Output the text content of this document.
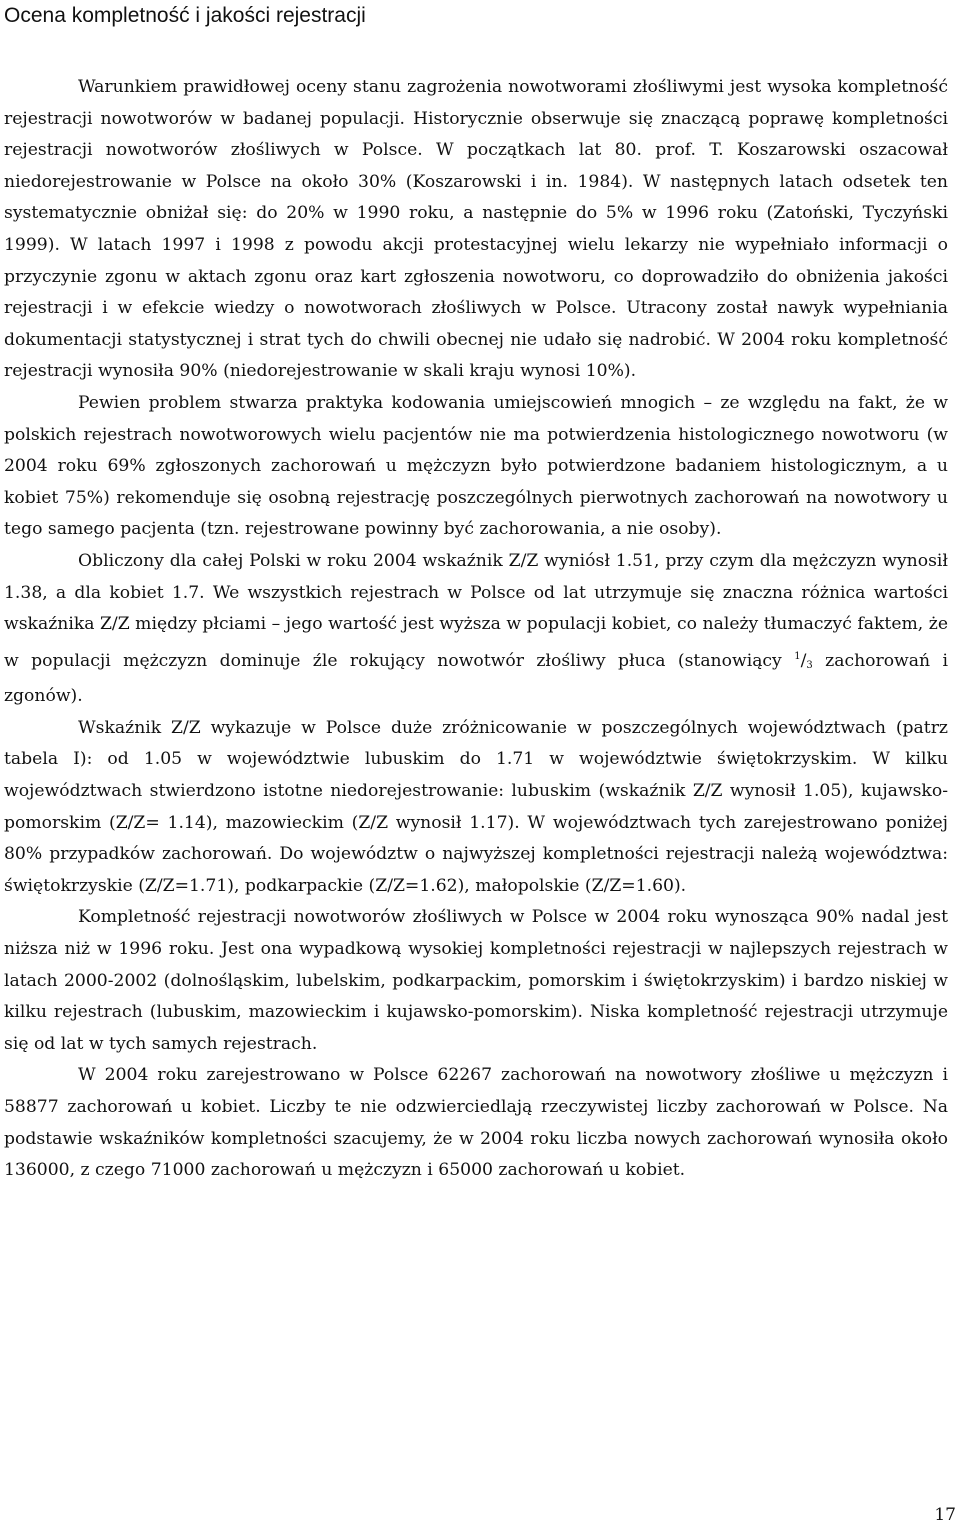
Ocena kompletność i jakości rejestracji

Warunkiem prawidłowej oceny stanu zagrożenia nowotworami złośliwymi jest wysoka kompletność rejestracji nowotworów w badanej populacji. Historycznie obserwuje się znaczącą poprawę kompletności rejestracji nowotworów złośliwych w Polsce. W początkach lat 80. prof. T. Koszarowski oszacował niedorejestrowanie w Polsce na około 30% (Koszarowski i in. 1984). W następnych latach odsetek ten systematycznie obniżał się: do 20% w 1990 roku, a następnie do 5% w 1996 roku (Zatoński, Tyczyński 1999). W latach 1997 i 1998 z powodu akcji protestacyjnej wielu lekarzy nie wypełniało informacji o przyczynie zgonu w aktach zgonu oraz kart zgłoszenia nowotworu, co doprowadziło do obniżenia jakości rejestracji i w efekcie wiedzy o nowotworach złośliwych w Polsce. Utracony został nawyk wypełniania dokumentacji statystycznej i strat tych do chwili obecnej nie udało się nadrobić. W 2004 roku kompletność rejestracji wynosiła 90% (niedorejestrowanie w skali kraju wynosi 10%).

Pewien problem stwarza praktyka kodowania umiejscowień mnogich – ze względu na fakt, że w polskich rejestrach nowotworowych wielu pacjentów nie ma potwierdzenia histologicznego nowotworu (w 2004 roku 69% zgłoszonych zachorowań u mężczyzn było potwierdzone badaniem histologicznym, a u kobiet 75%) rekomenduje się osobną rejestrację poszczególnych pierwotnych zachorowań na nowotwory u tego samego pacjenta (tzn. rejestrowane powinny być zachorowania, a nie osoby).

Obliczony dla całej Polski w roku 2004 wskaźnik Z/Z wyniósł 1.51, przy czym dla mężczyzn wynosił 1.38, a dla kobiet 1.7. We wszystkich rejestrach w Polsce od lat utrzymuje się znaczna różnica wartości wskaźnika Z/Z między płciami – jego wartość jest wyższa w populacji kobiet, co należy tłumaczyć faktem, że w populacji mężczyzn dominuje źle rokujący nowotwór złośliwy płuca (stanowiący $^1/_3$ zachorowań i zgonów).

Wskaźnik Z/Z wykazuje w Polsce duże zróżnicowanie w poszczególnych województwach (patrz tabela I): od 1.05 w województwie lubuskim do 1.71 w województwie świętokrzyskim. W kilku województwach stwierdzono istotne niedorejestrowanie: lubuskim (wskaźnik Z/Z wynosił 1.05), kujawsko-pomorskim (Z/Z= 1.14), mazowieckim (Z/Z wynosił 1.17). W województwach tych zarejestrowano poniżej 80% przypadków zachorowań. Do województw o najwyższej kompletności rejestracji należą województwa: świętokrzyskie (Z/Z=1.71), podkarpackie (Z/Z=1.62), małopolskie (Z/Z=1.60).

Kompletność rejestracji nowotworów złośliwych w Polsce w 2004 roku wynosząca 90% nadal jest niższa niż w 1996 roku. Jest ona wypadkową wysokiej kompletności rejestracji w najlepszych rejestrach w latach 2000-2002 (dolnośląskim, lubelskim, podkarpackim, pomorskim i świętokrzyskim) i bardzo niskiej w kilku rejestrach (lubuskim, mazowieckim i kujawsko-pomorskim). Niska kompletność rejestracji utrzymuje się od lat w tych samych rejestrach.

W 2004 roku zarejestrowano w Polsce 62267 zachorowań na nowotwory złośliwe u mężczyzn i 58877 zachorowań u kobiet. Liczby te nie odzwierciedlają rzeczywistej liczby zachorowań w Polsce. Na podstawie wskaźników kompletności szacujemy, że w 2004 roku liczba nowych zachorowań wynosiła około 136000, z czego 71000 zachorowań u mężczyzn i 65000 zachorowań u kobiet.

17
